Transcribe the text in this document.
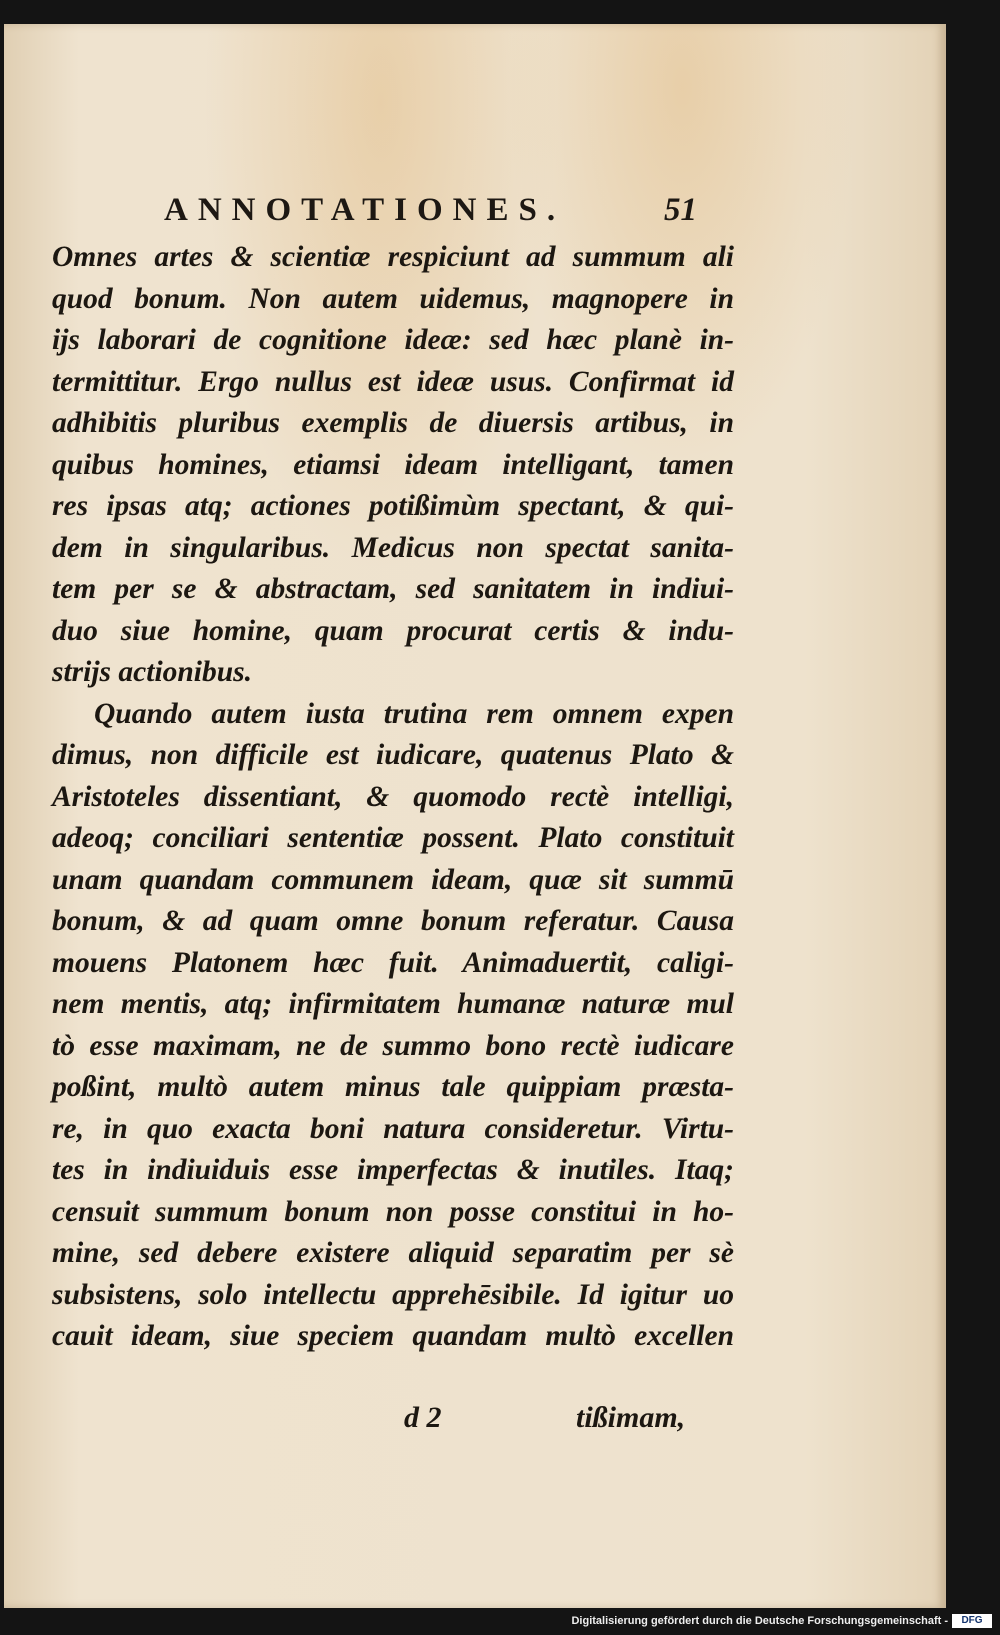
ANNOTATIONES.	51
Omnes artes & scientiæ respiciunt ad summum ali
quod bonum. Non autem uidemus, magnopere in
ijs laborari de cognitione ideæ: sed hæc planè in-
termittitur. Ergo nullus est ideæ usus. Confirmat id
adhibitis pluribus exemplis de diuersis artibus, in
quibus homines, etiamsi ideam intelligant, tamen
res ipsas atq; actiones potißimùm spectant, & qui-
dem in singularibus. Medicus non spectat sanita-
tem per se & abstractam, sed sanitatem in indiui-
duo siue homine, quam procurat certis & indu-
strijs actionibus.
Quando autem iusta trutina rem omnem expen
dimus, non difficile est iudicare, quatenus Plato &
Aristoteles dissentiant, & quomodo rectè intelligi,
adeoq; conciliari sententiæ possent. Plato constituit
unam quandam communem ideam, quæ sit summū
bonum, & ad quam omne bonum referatur. Causa
mouens Platonem hæc fuit. Animaduertit, caligi-
nem mentis, atq; infirmitatem humanæ naturæ mul
tò esse maximam, ne de summo bono rectè iudicare
poßint, multò autem minus tale quippiam præsta-
re, in quo exacta boni natura consideretur. Virtu-
tes in indiuiduis esse imperfectas & inutiles. Itaq;
censuit summum bonum non posse constitui in ho-
mine, sed debere existere aliquid separatim per sè
subsistens, solo intellectu apprehēsibile. Id igitur uo
cauit ideam, siue speciem quandam multò excellen
d 2	tißimam,
Digitalisierung gefördert durch die Deutsche Forschungsgemeinschaft -	DFG
